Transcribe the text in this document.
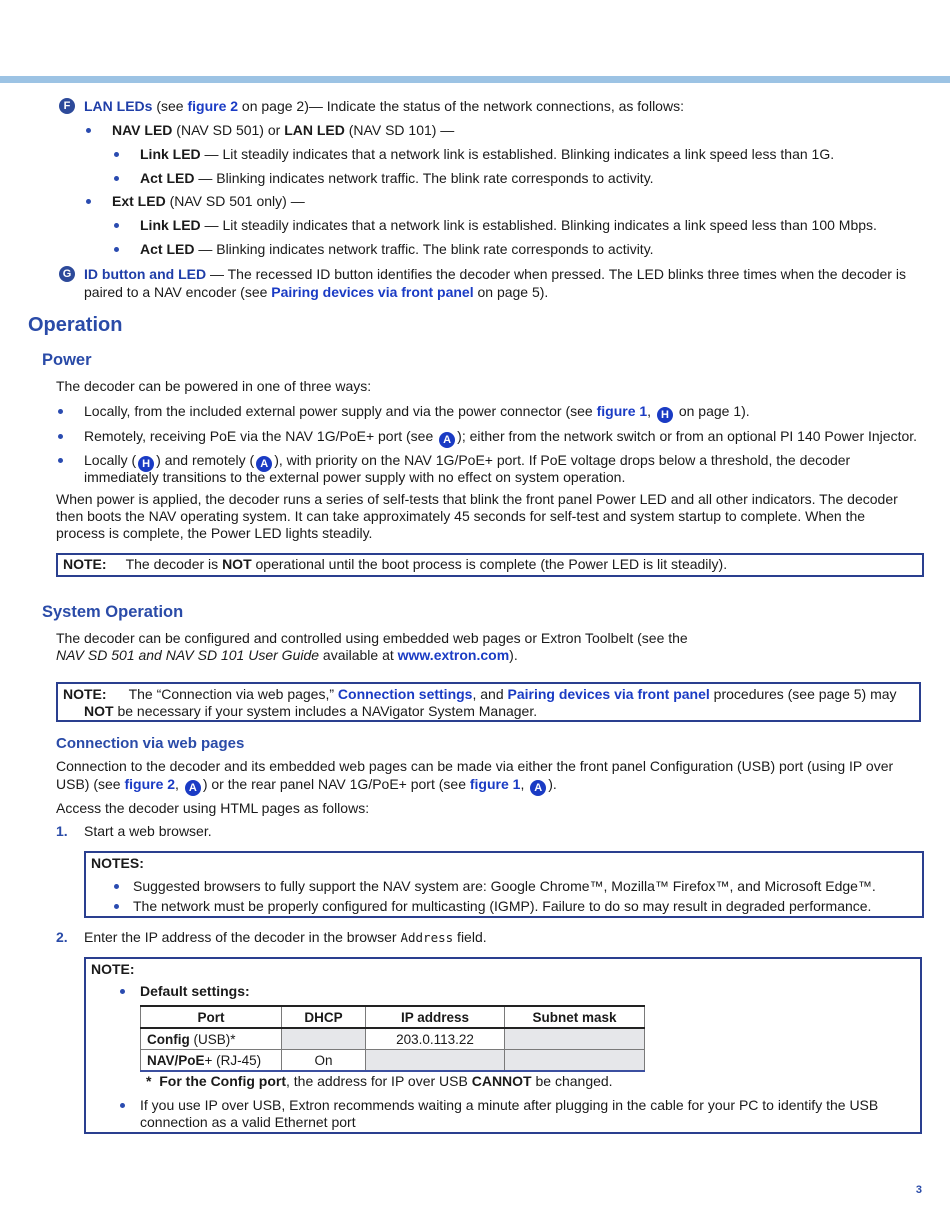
F LAN LEDs (see figure 2 on page 2)— Indicate the status of the network connections, as follows:
NAV LED (NAV SD 501) or LAN LED (NAV SD 101) —
Link LED — Lit steadily indicates that a network link is established. Blinking indicates a link speed less than 1G.
Act LED — Blinking indicates network traffic. The blink rate corresponds to activity.
Ext LED (NAV SD 501 only) —
Link LED — Lit steadily indicates that a network link is established. Blinking indicates a link speed less than 100 Mbps.
Act LED — Blinking indicates network traffic. The blink rate corresponds to activity.
G ID button and LED — The recessed ID button identifies the decoder when pressed. The LED blinks three times when the decoder is
paired to a NAV encoder (see Pairing devices via front panel on page 5).
Operation
Power
The decoder can be powered in one of three ways:
Locally, from the included external power supply and via the power connector (see figure 1, H on page 1).
Remotely, receiving PoE via the NAV 1G/PoE+ port (see A ); either from the network switch or from an optional PI 140 Power Injector.
Locally ( H ) and remotely ( A ), with priority on the NAV 1G/PoE+ port. If PoE voltage drops below a threshold, the decoder
immediately transitions to the external power supply with no effect on system operation.
When power is applied, the decoder runs a series of self-tests that blink the front panel Power LED and all other indicators. The decoder
then boots the NAV operating system. It can take approximately 45 seconds for self-test and system startup to complete. When the
process is complete, the Power LED lights steadily.
NOTE: The decoder is NOT operational until the boot process is complete (the Power LED is lit steadily).
System Operation
The decoder can be configured and controlled using embedded web pages or Extron Toolbelt (see the
NAV SD 501 and NAV SD 101 User Guide available at www.extron.com).
NOTE: The “Connection via web pages,” Connection settings, and Pairing devices via front panel procedures (see page 5) may
NOT be necessary if your system includes a NAVigator System Manager.
Connection via web pages
Connection to the decoder and its embedded web pages can be made via either the front panel Configuration (USB) port (using IP over
USB) (see figure 2, A ) or the rear panel NAV 1G/PoE+ port (see figure 1, A ).
Access the decoder using HTML pages as follows:
1. Start a web browser.
NOTES:
Suggested browsers to fully support the NAV system are: Google Chrome™, Mozilla™ Firefox™, and Microsoft Edge™.
The network must be properly configured for multicasting (IGMP). Failure to do so may result in degraded performance.
2. Enter the IP address of the decoder in the browser Address field.
NOTE:
Default settings:
Port	DHCP	IP address	Subnet mask
Config (USB)*		203.0.113.22	
NAV/PoE+ (RJ-45)	On		
* For the Config port, the address for IP over USB CANNOT be changed.
If you use IP over USB, Extron recommends waiting a minute after plugging in the cable for your PC to identify the USB
connection as a valid Ethernet port
3
